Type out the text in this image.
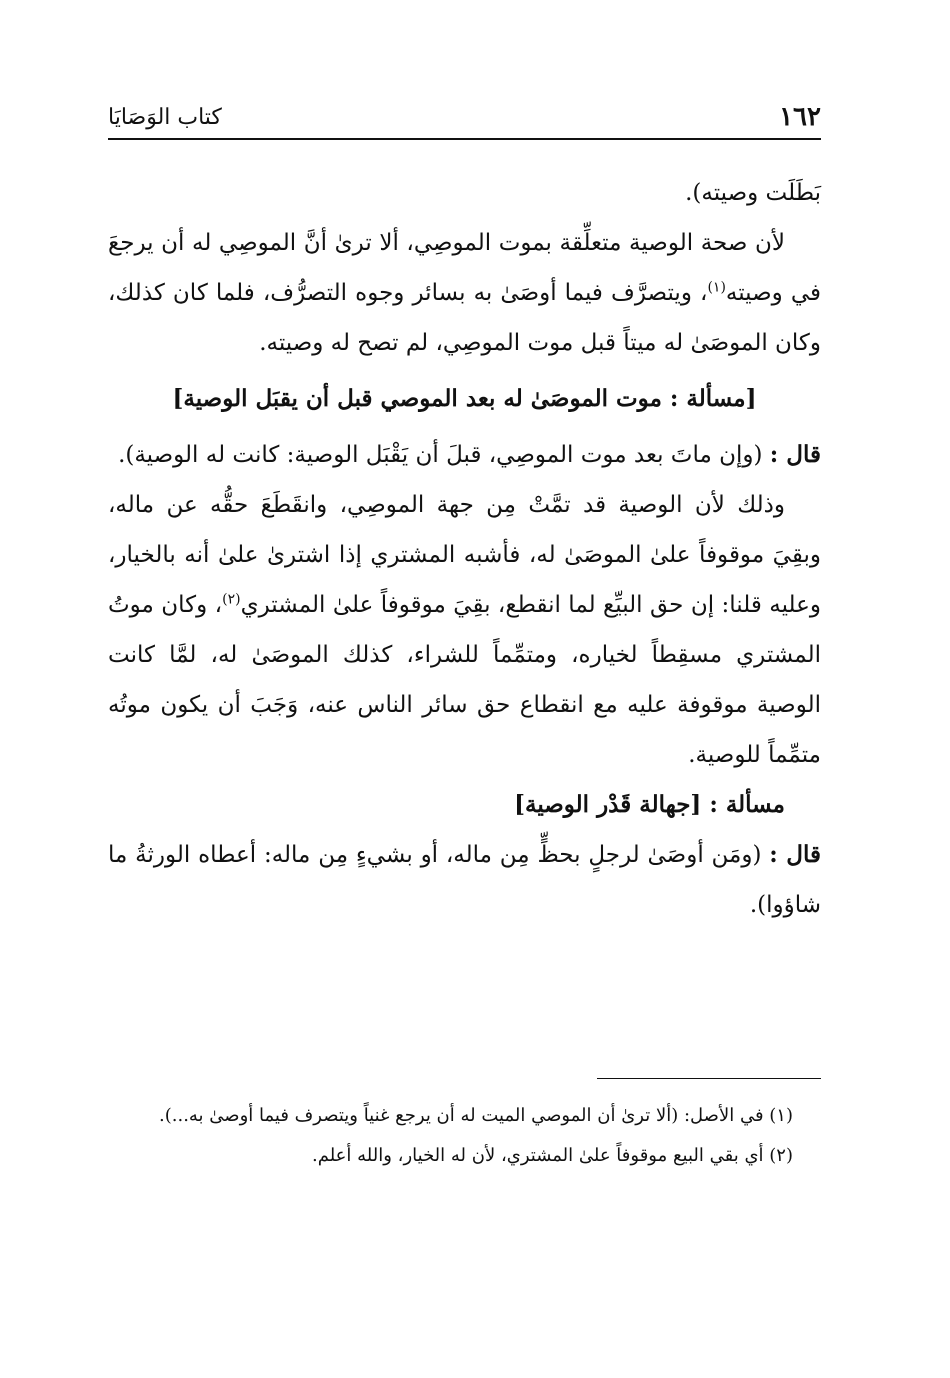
١٦٢
كتاب الوَصَايَا

بَطَلَت وصيته).

لأن صحة الوصية متعلِّقة بموت الموصِي، ألا ترىٰ أنَّ الموصِي له أن يرجعَ في وصيته$^{(١)}$، ويتصرَّف فيما أوصَىٰ به بسائر وجوه التصرُّف، فلما كان كذلك، وكان الموصَىٰ له ميتاً قبل موت الموصِي، لم تصح له وصيته.

[مسألة : موت الموصَىٰ له بعد الموصي قبل أن يقبَل الوصية]

قال : (وإن ماتَ بعد موت الموصِي، قبلَ أن يَقْبَل الوصية: كانت له الوصية).

وذلك لأن الوصية قد تمَّتْ مِن جهة الموصِي، وانقَطَعَ حقُّه عن ماله، وبقِيَ موقوفاً علىٰ الموصَىٰ له، فأشبه المشتري إذا اشترىٰ علىٰ أنه بالخيار، وعليه قلنا: إن حق البيِّع لما انقطع، بقِيَ موقوفاً علىٰ المشتري$^{(٢)}$، وكان موتُ المشتري مسقِطاً لخياره، ومتمِّماً للشراء، كذلك الموصَىٰ له، لمَّا كانت الوصية موقوفة عليه مع انقطاع حق سائر الناس عنه، وَجَبَ أن يكون موتُه متمِّماً للوصية.

مسألة : [جهالة قَدْر الوصية]

قال : (ومَن أوصَىٰ لرجلٍ بحظٍّ مِن ماله، أو بشيءٍ مِن ماله: أعطاه الورثةُ ما شاؤوا).

(١) في الأصل: (ألا ترىٰ أن الموصي الميت له أن يرجع غنياً ويتصرف فيما أوصىٰ به...).

(٢) أي بقي البيع موقوفاً علىٰ المشتري، لأن له الخيار، والله أعلم.
